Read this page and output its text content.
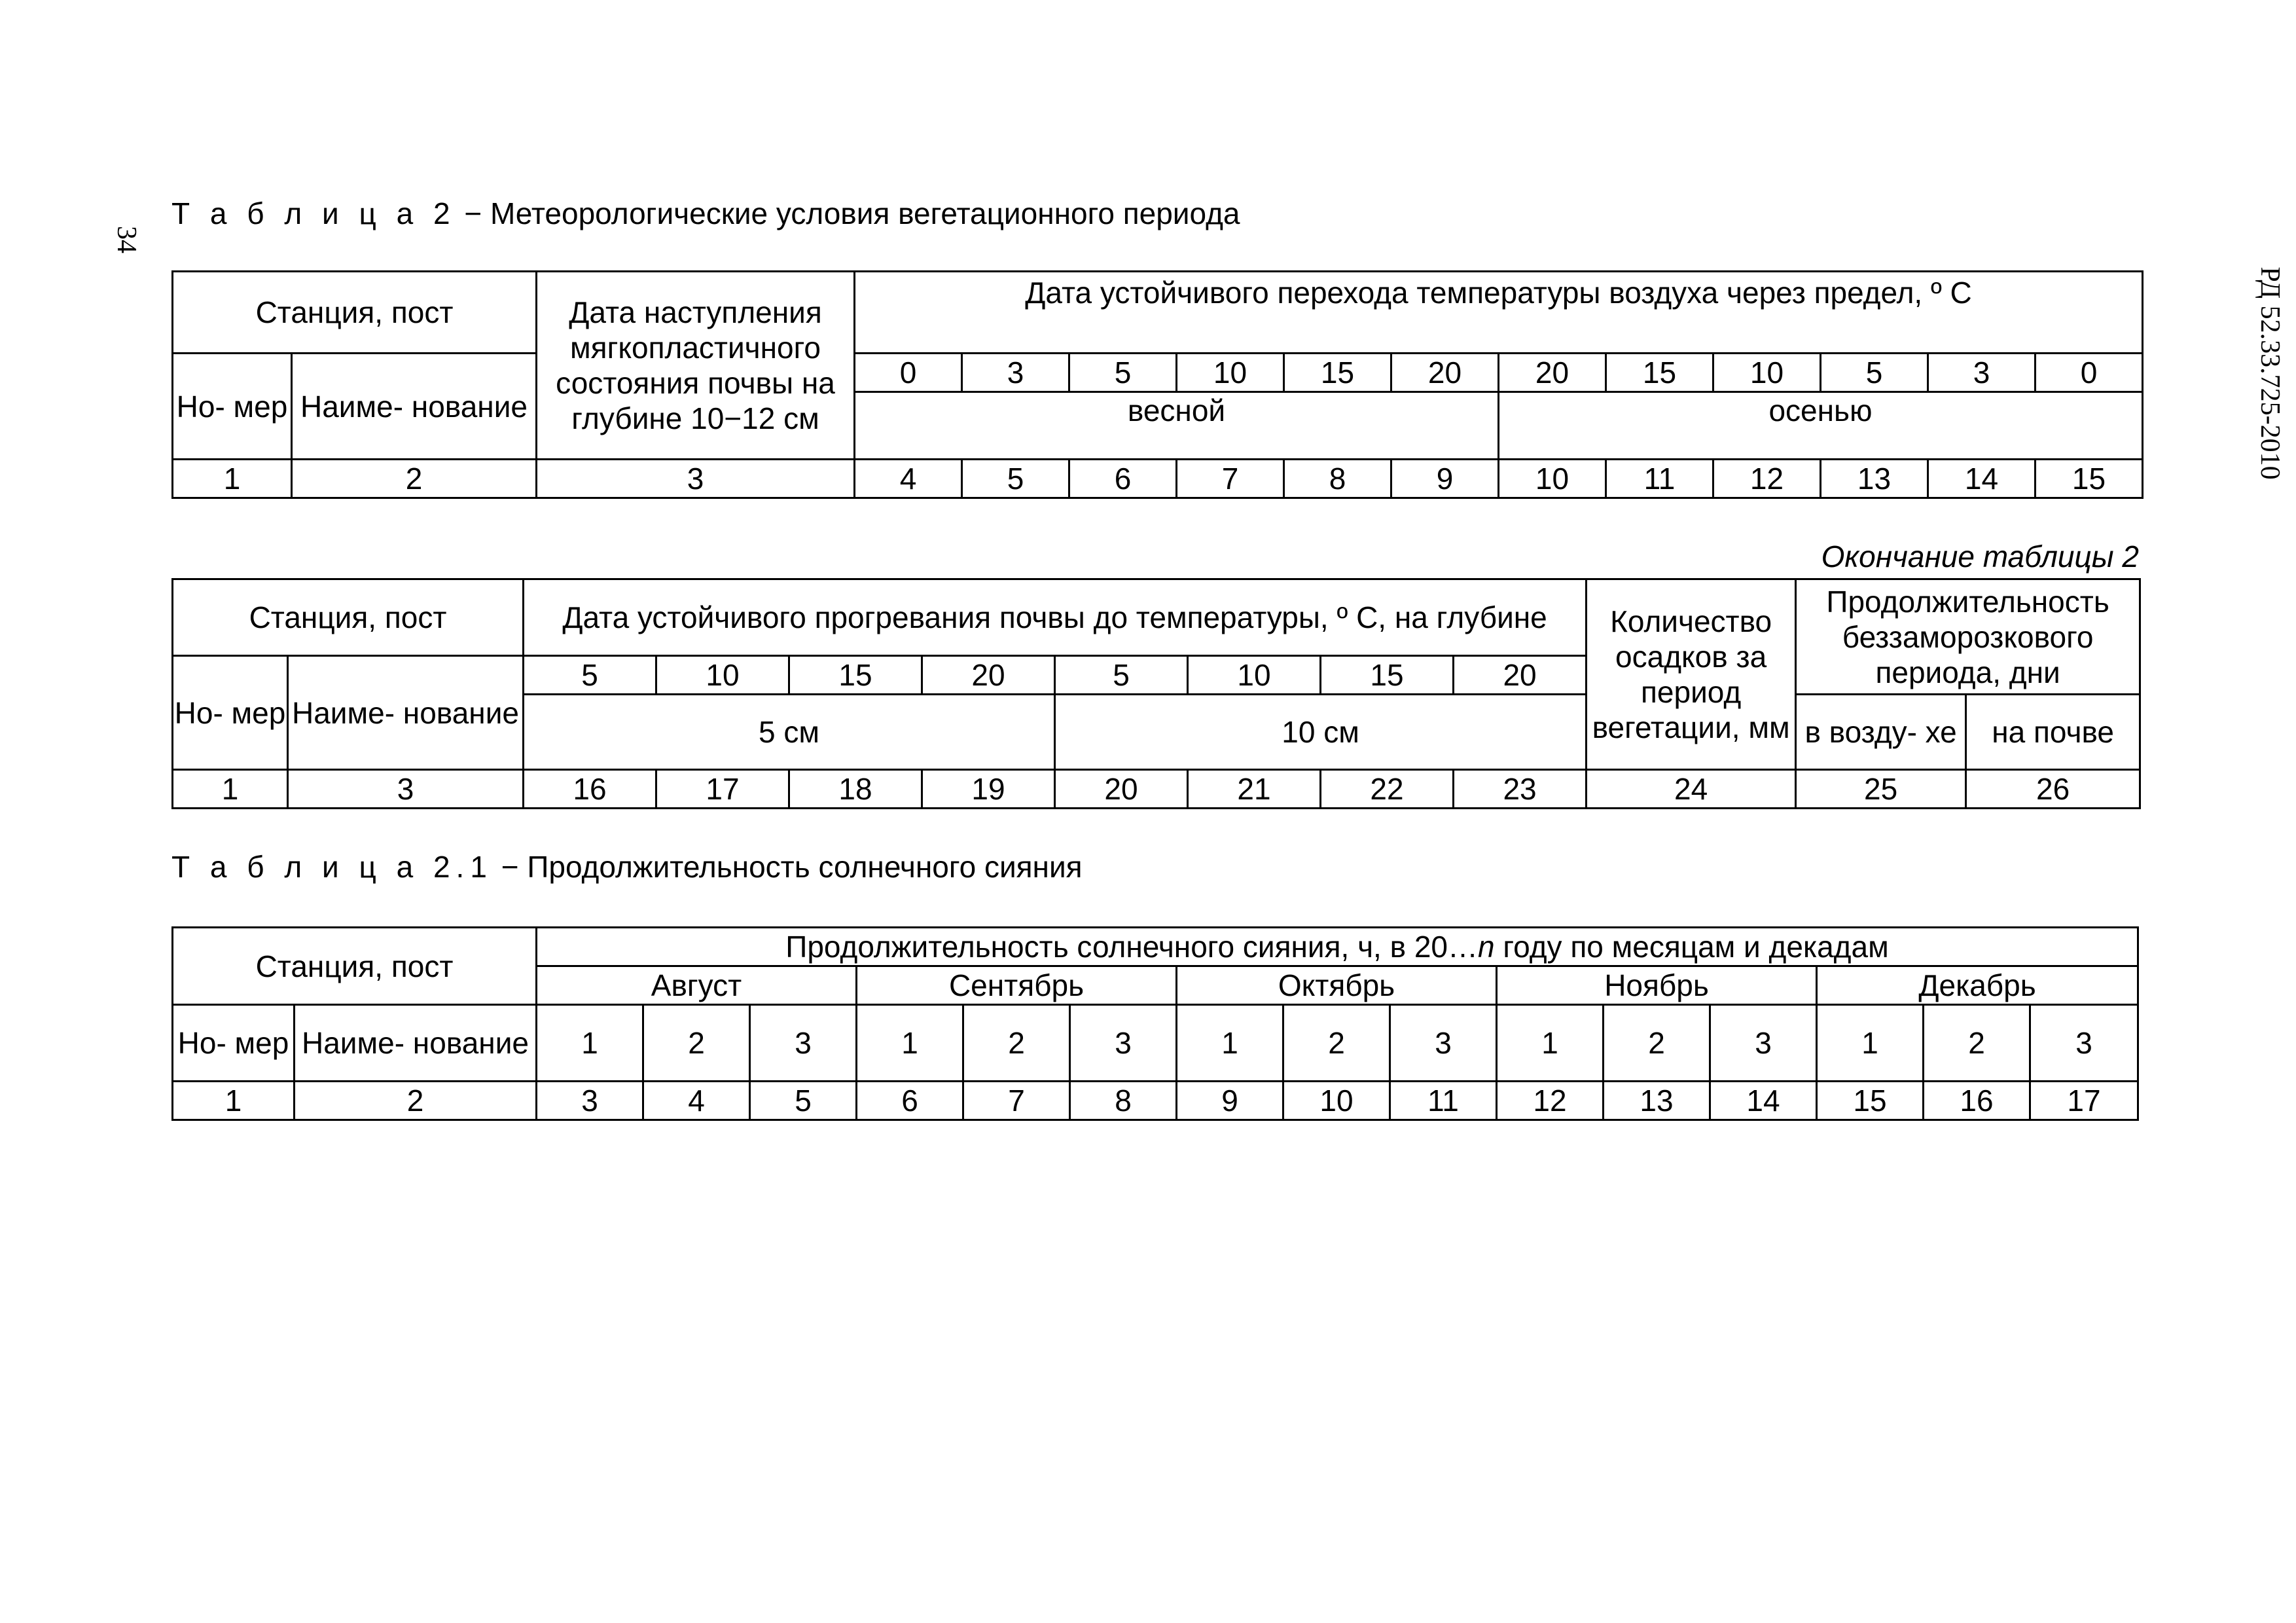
34
РД 52.33.725-2010
Т а б л и ц а 2 − Метеорологические условия вегетационного периода
Станция, пост		Дата наступления мягкопластичного состояния почвы на глубине 10−12 см	Дата устойчивого перехода температуры воздуха через предел, º С											

Но- мер	Наиме- нование		0	3	5	10	15	20	20	15	10	5	3	0
			весной						осенью					
1	2	3	4	5	6	7	8	9	10	11	12	13	14	15
Окончание таблицы 2
Станция, пост		Дата устойчивого прогревания почвы до температуры, º С, на глубине								Количество осадков за период вегетации, мм	Продолжительность беззаморозкового периода, дни	
Но- мер	Наиме- нование	5	10	15	20	5	10	15	20			
		5 см				10 см					в возду- хе	на почве
1	3	16	17	18	19	20	21	22	23	24	25	26
Т а б л и ц а 2.1 − Продолжительность солнечного сияния
Станция, пост		Продолжительность солнечного сияния, ч, в 20…n году по месяцам и декадам														
		Август			Сентябрь			Октябрь			Ноябрь			Декабрь		
Но- мер	Наиме- нование	1	2	3	1	2	3	1	2	3	1	2	3	1	2	3
1	2	3	4	5	6	7	8	9	10	11	12	13	14	15	16	17
